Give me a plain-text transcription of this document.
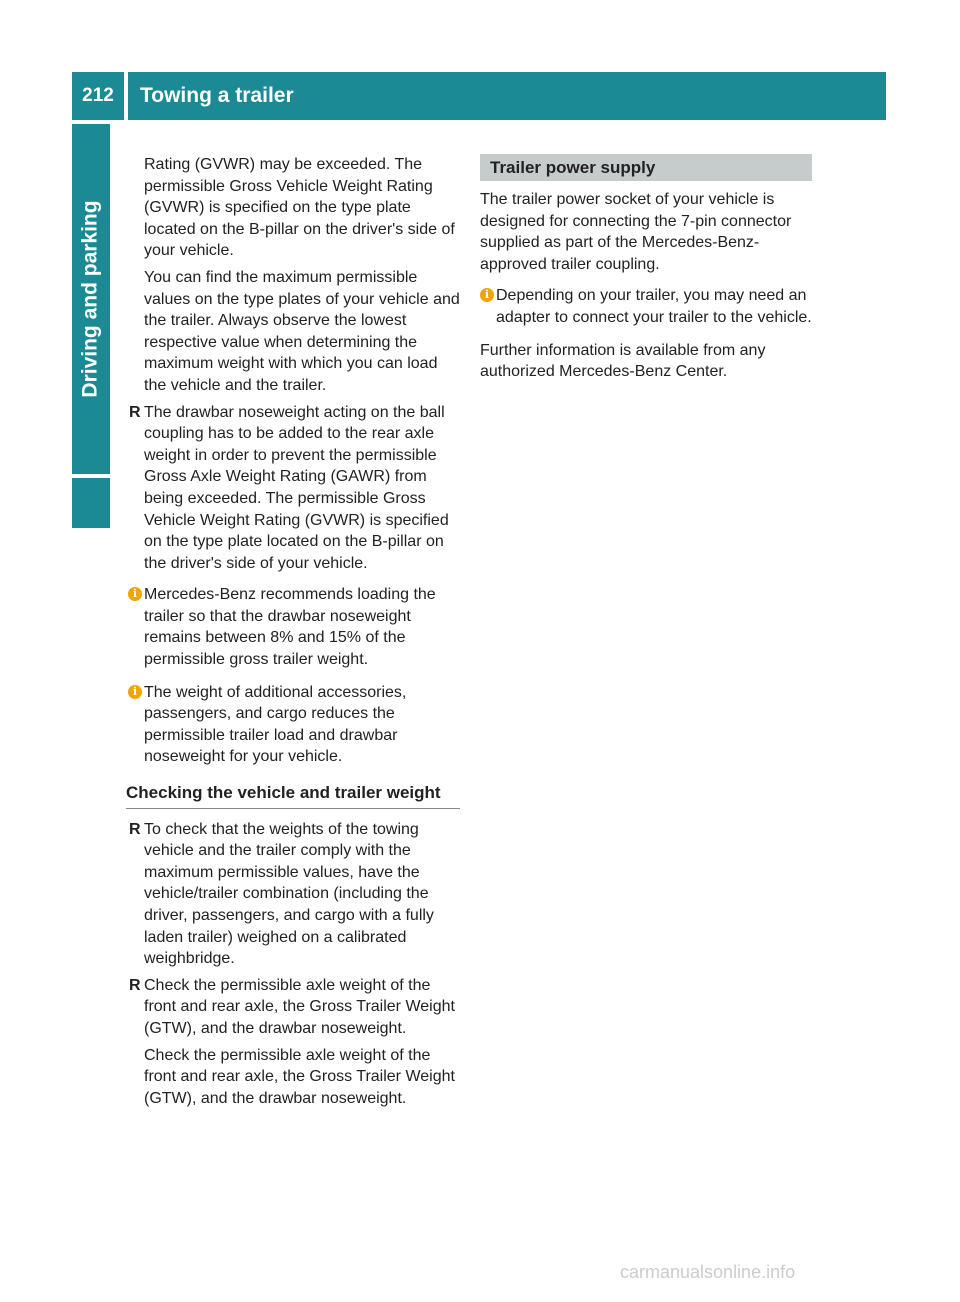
212	Towing a trailer
Driving and parking

Rating (GVWR) may be exceeded. The permissible Gross Vehicle Weight Rating (GVWR) is specified on the type plate located on the B-pillar on the driver's side of your vehicle.

You can find the maximum permissible values on the type plates of your vehicle and the trailer. Always observe the lowest respective value when determining the maximum weight with which you can load the vehicle and the trailer.

R The drawbar noseweight acting on the ball coupling has to be added to the rear axle weight in order to prevent the permissible Gross Axle Weight Rating (GAWR) from being exceeded. The permissible Gross Vehicle Weight Rating (GVWR) is specified on the type plate located on the B-pillar on the driver's side of your vehicle.
i
Mercedes-Benz recommends loading the trailer so that the drawbar noseweight remains between 8% and 15% of the permissible gross trailer weight.
i
The weight of additional accessories, passengers, and cargo reduces the permissible trailer load and drawbar noseweight for your vehicle.
Checking the vehicle and trailer weight
R To check that the weights of the towing vehicle and the trailer comply with the maximum permissible values, have the vehicle/trailer combination (including the driver, passengers, and cargo with a fully laden trailer) weighed on a calibrated weighbridge.
R Check the permissible axle weight of the front and rear axle, the Gross Trailer Weight (GTW), and the drawbar noseweight.

Check the permissible axle weight of the front and rear axle, the Gross Trailer Weight (GTW), and the drawbar noseweight.

Trailer power supply

The trailer power socket of your vehicle is designed for connecting the 7-pin connector supplied as part of the Mercedes-Benz-approved trailer coupling.

i
Depending on your trailer, you may need an adapter to connect your trailer to the vehicle.

Further information is available from any authorized Mercedes-Benz Center.

carmanualsonline.info
